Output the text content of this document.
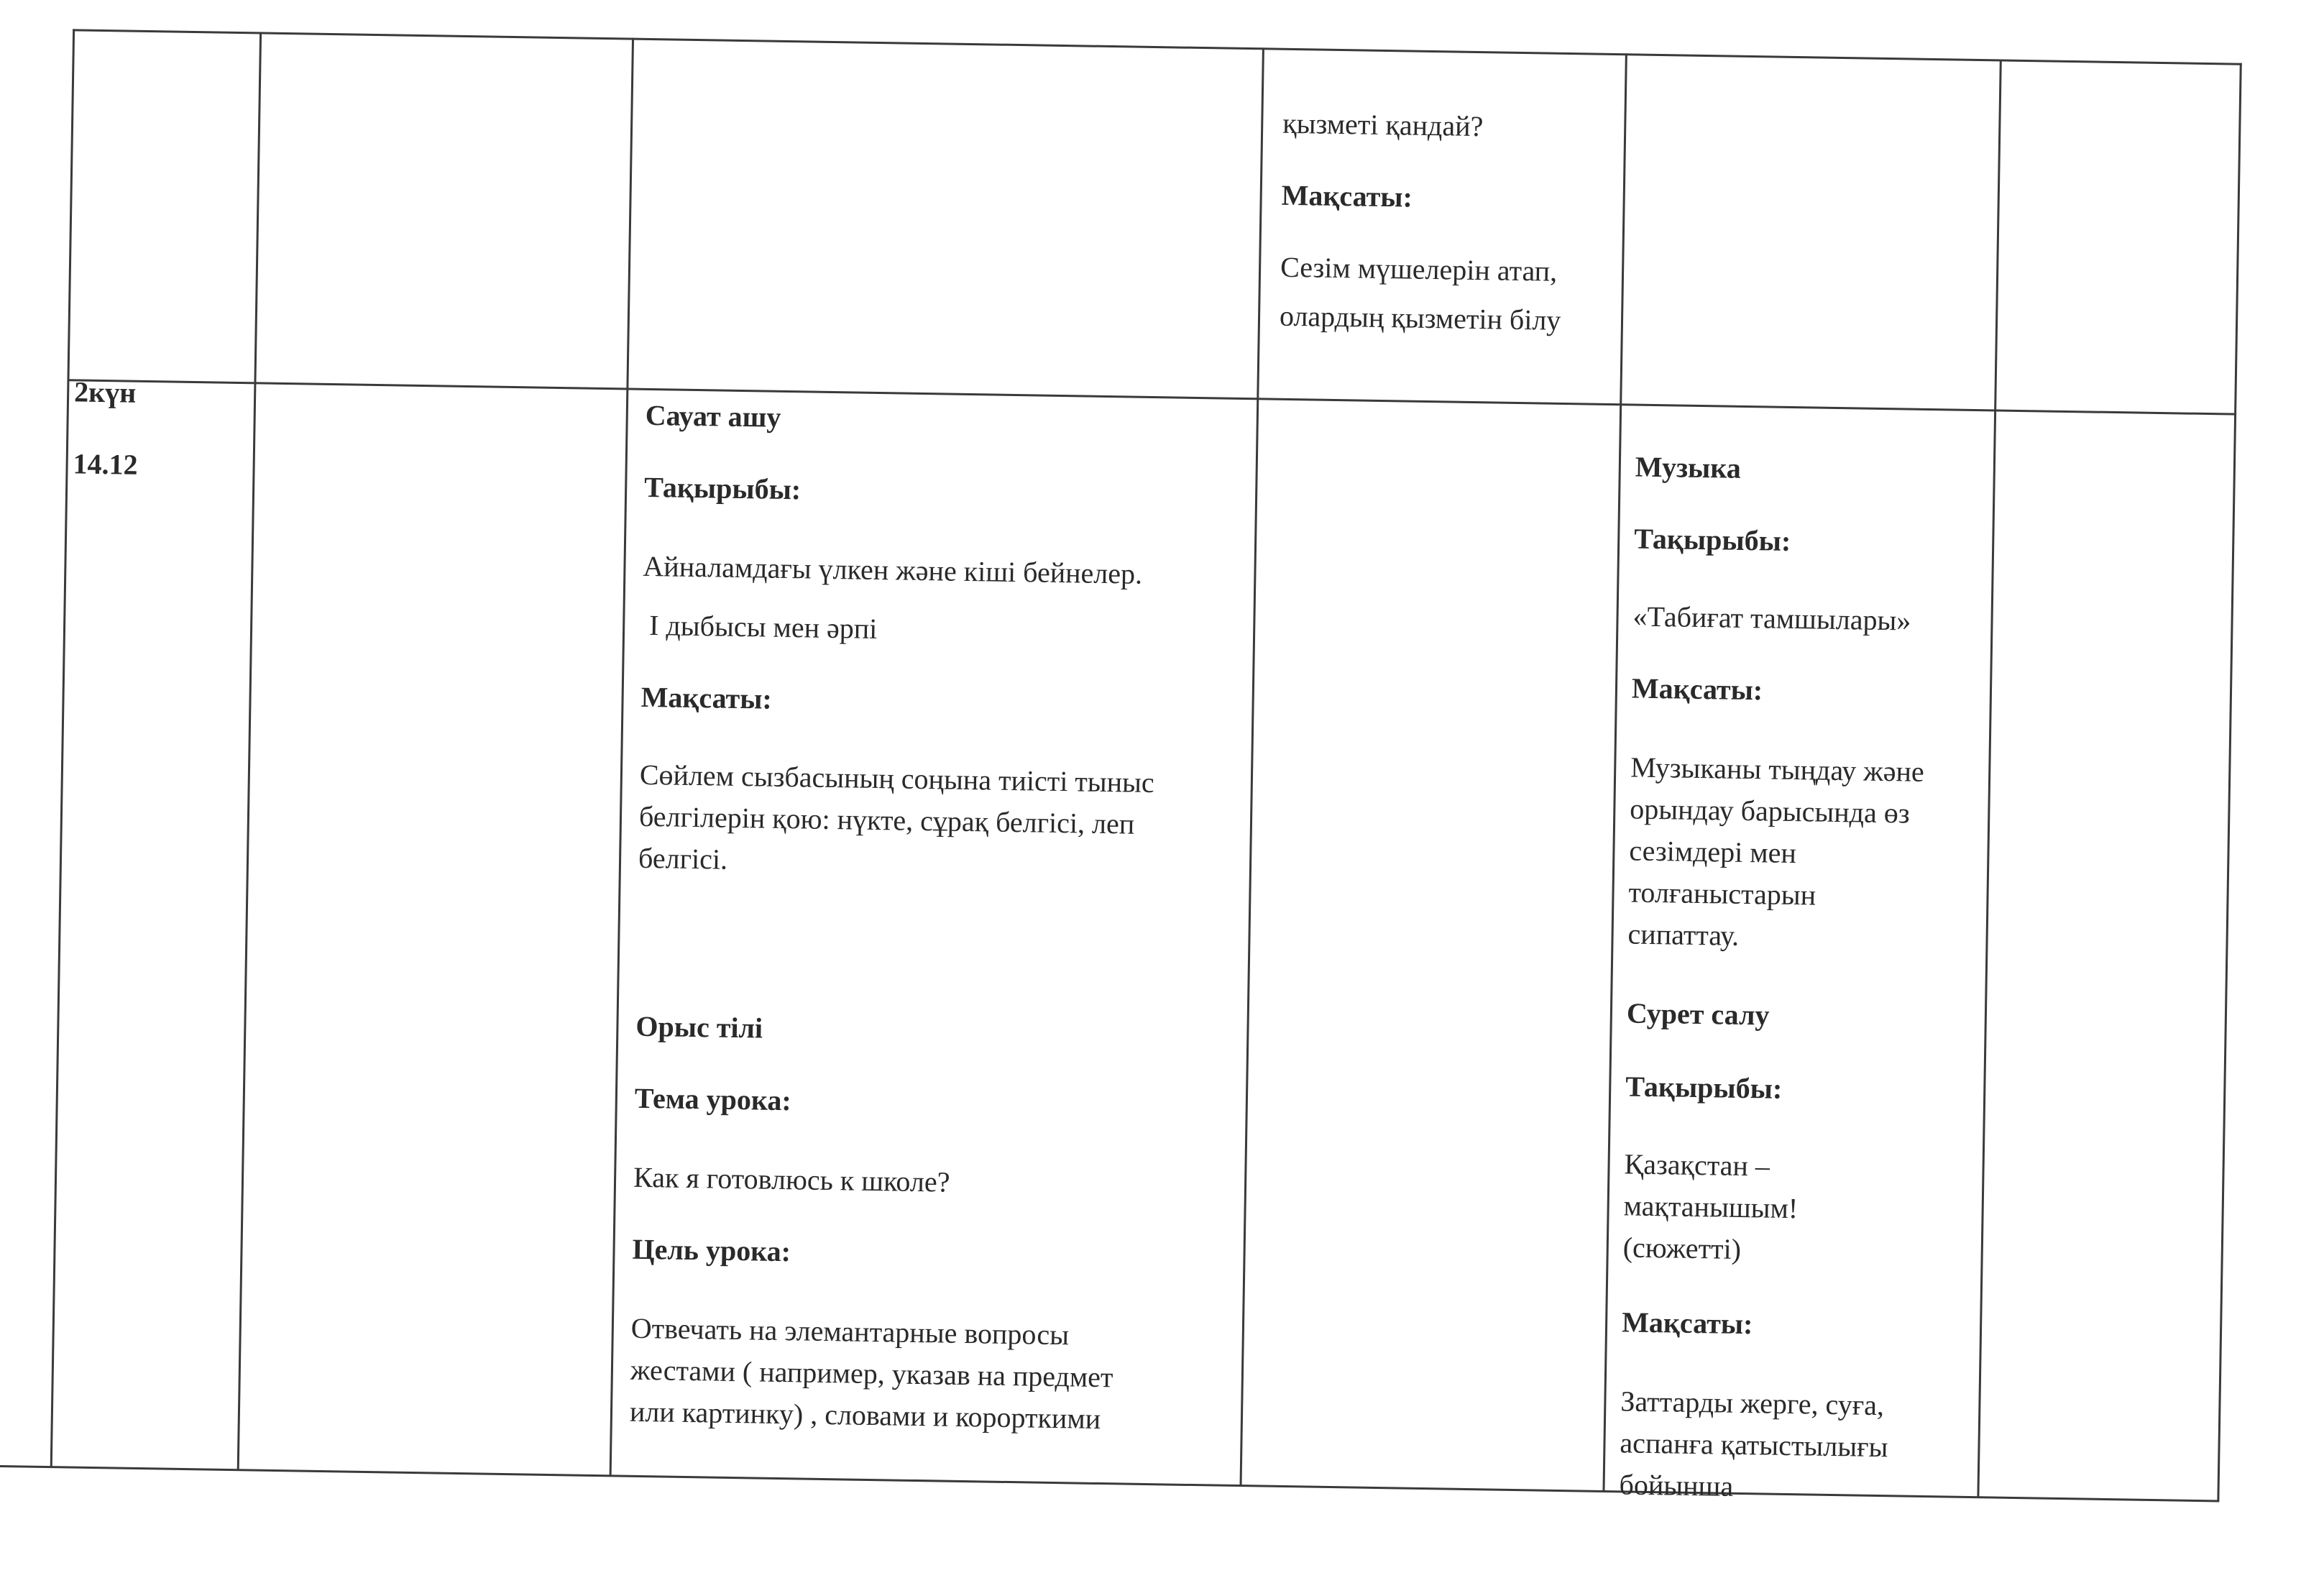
қызметі қандай?
Мақсаты:
Сезім мүшелерін атап,
олардың қызметін білу
2күн
14.12
Сауат ашу
Тақырыбы:
Айналамдағы үлкен және кіші бейнелер.
І дыбысы мен әрпі
Мақсаты:
Сөйлем сызбасының соңына тиісті тыныс
белгілерін қою: нүкте, сұрақ белгісі, леп
белгісі.
Орыс тілі
Тема урока:
Как я готовлюсь к школе?
Цель урока:
Отвечать на элемантарные вопросы
жестами ( например, указав на предмет
или картинку) , словами и корорткими
Музыка
Тақырыбы:
«Табиғат тамшылары»
Мақсаты:
Музыканы тыңдау және
орындау барысында өз
сезімдері мен
толғаныстарын
сипаттау.
Сурет салу
Тақырыбы:
Қазақстан –
мақтанышым!
(сюжетті)
Мақсаты:
Заттарды жерге, суға,
аспанға қатыстылығы
бойынша
